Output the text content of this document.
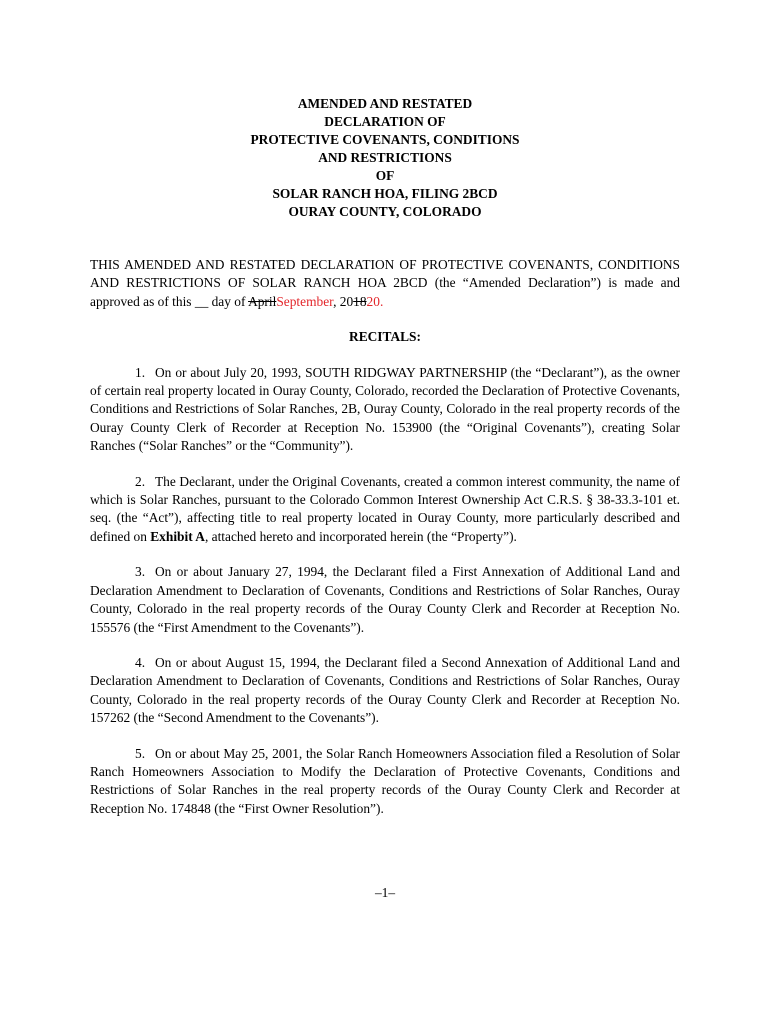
AMENDED AND RESTATED
DECLARATION OF
PROTECTIVE COVENANTS, CONDITIONS
AND RESTRICTIONS
OF
SOLAR RANCH HOA, FILING 2BCD
OURAY COUNTY, COLORADO

THIS AMENDED AND RESTATED DECLARATION OF PROTECTIVE COVENANTS, CONDITIONS AND RESTRICTIONS OF SOLAR RANCH HOA 2BCD (the “Amended Declaration”) is made and approved as of this __ day of AprilSeptember, 201820.

RECITALS:

1. On or about July 20, 1993, SOUTH RIDGWAY PARTNERSHIP (the “Declarant”), as the owner of certain real property located in Ouray County, Colorado, recorded the Declaration of Protective Covenants, Conditions and Restrictions of Solar Ranches, 2B, Ouray County, Colorado in the real property records of the Ouray County Clerk of Recorder at Reception No. 153900 (the “Original Covenants”), creating Solar Ranches (“Solar Ranches” or the “Community”).

2. The Declarant, under the Original Covenants, created a common interest community, the name of which is Solar Ranches, pursuant to the Colorado Common Interest Ownership Act C.R.S. § 38-33.3-101 et. seq. (the “Act”), affecting title to real property located in Ouray County, more particularly described and defined on Exhibit A, attached hereto and incorporated herein (the “Property”).

3. On or about January 27, 1994, the Declarant filed a First Annexation of Additional Land and Declaration Amendment to Declaration of Covenants, Conditions and Restrictions of Solar Ranches, Ouray County, Colorado in the real property records of the Ouray County Clerk and Recorder at Reception No. 155576 (the “First Amendment to the Covenants”).

4. On or about August 15, 1994, the Declarant filed a Second Annexation of Additional Land and Declaration Amendment to Declaration of Covenants, Conditions and Restrictions of Solar Ranches, Ouray County, Colorado in the real property records of the Ouray County Clerk and Recorder at Reception No. 157262 (the “Second Amendment to the Covenants”).

5. On or about May 25, 2001, the Solar Ranch Homeowners Association filed a Resolution of Solar Ranch Homeowners Association to Modify the Declaration of Protective Covenants, Conditions and Restrictions of Solar Ranches in the real property records of the Ouray County Clerk and Recorder at Reception No. 174848 (the “First Owner Resolution”).

–1–
